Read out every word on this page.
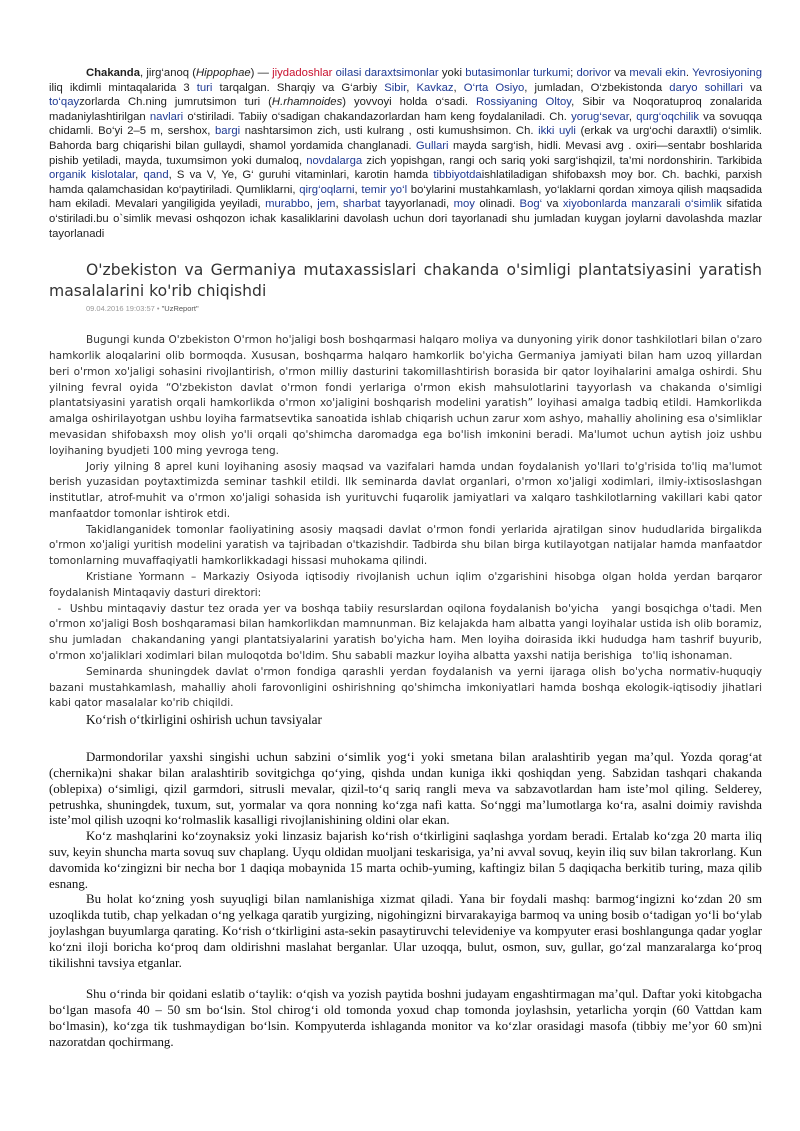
Chakanda, jirg‘anoq (Hippophae) — jiydadoshlar oilasi daraxtsimonlar yoki butasimonlar turkumi; dorivor va mevali ekin. Yevrosiyoning iliq ikdimli mintaqalarida 3 turi tarqalgan. Sharqiy va G‘arbiy Sibir, Kavkaz, O‘rta Osiyo, jumladan, O‘zbekistonda daryo sohillari va to‘qayzorlarda Ch.ning jumrutsimon turi (H.rhamnoides) yovvoyi holda o‘sadi. Rossiyaning Oltoy, Sibir va Noqoratuproq zonalarida madaniylashtirilgan navlari o‘stiriladi. Tabiiy o‘sadigan chakandazorlardan ham keng foydalaniladi. Ch. yorug‘sevar, qurg‘oqchilik va sovuqqa chidamli. Bo‘yi 2–5 m, sershox, bargi nashtarsimon zich, usti kulrang , osti kumushsimon. Ch. ikki uyli (erkak va urg‘ochi daraxtli) o‘simlik. Bahorda barg chiqarishi bilan gullaydi, shamol yordamida changlanadi. Gullari mayda sarg‘ish, hidli. Mevasi avg . oxiri—sentabr boshlarida pishib yetiladi, mayda, tuxumsimon yoki dumaloq, novdalarga zich yopishgan, rangi och sariq yoki sarg‘ishqizil, ta’mi nordonshirin. Tarkibida organik kislotalar, qand, S va V, Ye, G‘ guruhi vitaminlari, karotin hamda tibbiyotdaishlatiladigan shifobaxsh moy bor. Ch. bachki, parxish hamda qalamchasidan ko‘paytiriladi. Qumliklarni, qirg‘oqlarni, temir yo‘l bo‘ylarini mustahkamlash, yo‘laklarni qordan ximoya qilish maqsadida ham ekiladi. Mevalari yangiligida yeyiladi, murabbo, jem, sharbat tayyorlanadi, moy olinadi. Bog‘ va xiyobonlarda manzarali o‘simlik sifatida o‘stiriladi.bu o`simlik mevasi oshqozon ichak kasaliklarini davolash uchun dori tayorlanadi shu jumladan kuygan joylarni davolashda mazlar tayorlanadi

O'zbekiston va Germaniya mutaxassislari chakanda o'simligi plantatsiyasini yaratish masalalarini ko'rib chiqishdi
09.04.2016 19:03:57 • "UzReport"

Bugungi kunda O'zbekiston O'rmon ho'jaligi bosh boshqarmasi halqaro moliya va dunyoning yirik donor tashkilotlari bilan o'zaro hamkorlik aloqalarini olib bormoqda. Xususan, boshqarma halqaro hamkorlik bo'yicha Germaniya jamiyati bilan ham uzoq yillardan beri o'rmon xo'jaligi sohasini rivojlantirish, o'rmon milliy dasturini takomillashtirish borasida bir qator loyihalarini amalga oshirdi. Shu yilning fevral oyida “O'zbekiston davlat o'rmon fondi yerlariga o'rmon ekish mahsulotlarini tayyorlash va chakanda o'simligi plantatsiyasini yaratish orqali hamkorlikda o'rmon xo'jaligini boshqarish modelini yaratish” loyihasi amalga tadbiq etildi. Hamkorlikda amalga oshirilayotgan ushbu loyiha farmatsevtika sanoatida ishlab chiqarish uchun zarur xom ashyo, mahalliy aholining esa o'simliklar mevasidan shifobaxsh moy olish yo'li orqali qo'shimcha daromadga ega bo'lish imkonini beradi. Ma'lumot uchun aytish joiz ushbu loyihaning byudjeti 100 ming yevroga teng.

Joriy yilning 8 aprel kuni loyihaning asosiy maqsad va vazifalari hamda undan foydalanish yo'llari to'g'risida to'liq ma'lumot berish yuzasidan poytaxtimizda seminar tashkil etildi. Ilk seminarda davlat organlari, o'rmon xo'jaligi xodimlari, ilmiy-ixtisoslashgan institutlar, atrof-muhit va o'rmon xo'jaligi sohasida ish yurituvchi fuqarolik jamiyatlari va xalqaro tashkilotlarning vakillari kabi qator manfaatdor tomonlar ishtirok etdi.

Takidlanganidek tomonlar faoliyatining asosiy maqsadi davlat o'rmon fondi yerlarida ajratilgan sinov hududlarida birgalikda o'rmon xo'jaligi yuritish modelini yaratish va tajribadan o'tkazishdir. Tadbirda shu bilan birga kutilayotgan natijalar hamda manfaatdor tomonlarning muvaffaqiyatli hamkorlikkadagi hissasi muhokama qilindi.

Kristiane Yormann – Markaziy Osiyoda iqtisodiy rivojlanish uchun iqlim o'zgarishini hisobga olgan holda yerdan barqaror foydalanish Mintaqaviy dasturi direktori:

-  Ushbu mintaqaviy dastur tez orada yer va boshqa tabiiy resurslardan oqilona foydalanish bo'yicha   yangi bosqichga o'tadi. Men o'rmon xo'jaligi Bosh boshqaramasi bilan hamkorlikdan mamnunman. Biz kelajakda ham albatta yangi loyihalar ustida ish olib boramiz, shu jumladan  chakandaning yangi plantatsiyalarini yaratish bo'yicha ham. Men loyiha doirasida ikki hududga ham tashrif buyurib, o'rmon xo'jaliklari xodimlari bilan muloqotda bo'ldim. Shu sababli mazkur loyiha albatta yaxshi natija berishiga   to'liq ishonaman.

Seminarda shuningdek davlat o'rmon fondiga qarashli yerdan foydalanish va yerni ijaraga olish bo'ycha normativ-huquqiy bazani mustahkamlash, mahalliy aholi farovonligini oshirishning qo'shimcha imkoniyatlari hamda boshqa ekologik-iqtisodiy jihatlari kabi qator masalalar ko'rib chiqildi.

Ko‘rish o‘tkirligini oshirish uchun tavsiyalar

Darmondorilar yaxshi singishi uchun sabzini o‘simlik yog‘i yoki smetana bilan aralashtirib yegan ma’qul. Yozda qorag‘at (chernika)ni shakar bilan aralashtirib sovitgichga qo‘ying, qishda undan kuniga ikki qoshiqdan yeng. Sabzidan tashqari chakanda (oblepixa) o‘simligi, qizil garmdori, sitrusli mevalar, qizil-to‘q sariq rangli meva va sabzavotlardan ham iste’mol qiling. Selderey, petrushka, shuningdek, tuxum, sut, yormalar va qora nonning ko‘zga nafi katta. So‘nggi ma’lumotlarga ko‘ra, asalni doimiy ravishda iste’mol qilish uzoqni ko‘rolmaslik kasalligi rivojlanishining oldini olar ekan.

Ko‘z mashqlarini ko‘zoynaksiz yoki linzasiz bajarish ko‘rish o‘tkirligini saqlashga yordam beradi. Ertalab ko‘zga 20 marta iliq suv, keyin shuncha marta sovuq suv chaplang. Uyqu oldidan muoljani teskarisiga, ya’ni avval sovuq, keyin iliq suv bilan takrorlang. Kun davomida ko‘zingizni bir necha bor 1 daqiqa mobaynida 15 marta ochib-yuming, kaftingiz bilan 5 daqiqacha berkitib turing, maza qilib esnang.

Bu holat ko‘zning yosh suyuqligi bilan namlanishiga xizmat qiladi. Yana bir foydali mashq: barmog‘ingizni ko‘zdan 20 sm uzoqlikda tutib, chap yelkadan o‘ng yelkaga qaratib yurgizing, nigohingizni birvarakayiga barmoq va uning bosib o‘tadigan yo‘li bo‘ylab joylashgan buyumlarga qarating. Ko‘rish o‘tkirligini asta-sekin pasaytiruvchi televideniye va kompyuter erasi boshlangunga qadar yoglar ko‘zni iloji boricha ko‘proq dam oldirishni maslahat berganlar. Ular uzoqqa, bulut, osmon, suv, gullar, go‘zal manzaralarga ko‘proq tikilishni tavsiya etganlar.

Shu o‘rinda bir qoidani eslatib o‘taylik: o‘qish va yozish paytida boshni judayam engashtirmagan ma’qul. Daftar yoki kitobgacha bo‘lgan masofa 40 – 50 sm bo‘lsin. Stol chirog‘i old tomonda yoxud chap tomonda joylashsin, yetarlicha yorqin (60 Vattdan kam bo‘lmasin), ko‘zga tik tushmaydigan bo‘lsin. Kompyuterda ishlaganda monitor va ko‘zlar orasidagi masofa (tibbiy me’yor 60 sm)ni nazoratdan qochirmang.
